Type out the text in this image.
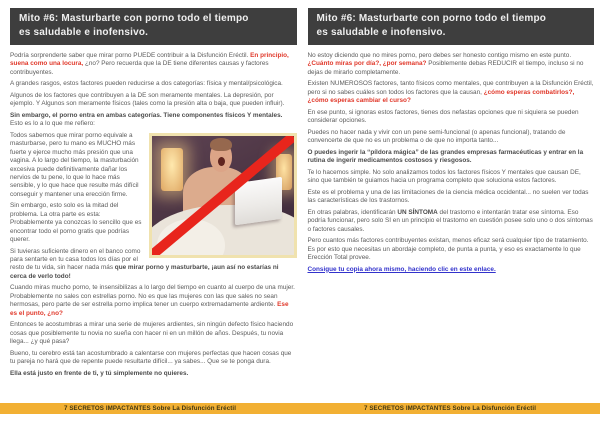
Mito #6: Masturbarte con porno todo el tiempo
es saludable e inofensivo.

Podría sorprenderte saber que mirar porno PUEDE contribuir a la Disfunción Eréctil. En principio, suena como una locura, ¿no? Pero recuerda que la DE tiene diferentes causas y factores contribuyentes.

A grandes rasgos, estos factores pueden reducirse a dos categorías: física y mental/psicológica.

Algunos de los factores que contribuyen a la DE son meramente mentales. La depresión, por ejemplo. Y Algunos son meramente físicos (tales como la presión alta o baja, que pueden influir).

Sin embargo, el porno entra en ambas categorías. Tiene componentes físicos Y mentales. Esto es lo a lo que me refiero:

Todos sabemos que mirar porno equivale a masturbarse, pero tu mano es MUCHO más fuerte y ejerce mucho más presión que una vagina. A lo largo del tiempo, la masturbación excesiva puede definitivamente dañar los nervios de tu pene, lo que lo hace más sensible, y lo que hace que resulte más difícil conseguir y mantener una erección firme.

Sin embargo, esto solo es la mitad del problema. La otra parte es esta: Probablemente ya conozcas lo sencillo que es encontrar todo el porno gratis que podrías querer.

Si tuvieras suficiente dinero en el banco como para sentarte en tu casa todos los días por el resto de tu vida, sin hacer nada más que mirar porno y masturbarte, ¡aun así no estarías ni cerca de verlo todo!

Cuando miras mucho porno, te insensibilizas a lo largo del tiempo en cuanto al cuerpo de una mujer. Probablemente no sales con estrellas porno. No es que las mujeres con las que sales no sean hermosas, pero parte de ser estrella porno implica tener un cuerpo extremadamente ardiente. Ese es el punto, ¿no?

Entonces te acostumbras a mirar una serie de mujeres ardientes, sin ningún defecto físico haciendo cosas que posiblemente tu novia no sueña con hacer ni en un millón de años. Después, tu novia llega... ¿y qué pasa?

Bueno, tu cerebro está tan acostumbrado a calentarse con mujeres perfectas que hacen cosas que tu pareja no hará que de repente puede resultarte difícil... ya sabes... Que se te ponga dura.

Ella está justo en frente de ti, y tú simplemente no quieres.

Mito #6: Masturbarte con porno todo el tiempo
es saludable e inofensivo.

No estoy diciendo que no mires porno, pero debes ser honesto contigo mismo en este punto. ¿Cuánto miras por día?, ¿por semana? Posiblemente debas REDUCIR el tiempo, incluso si no dejas de mirarlo completamente.

Existen NUMEROSOS factores, tanto físicos como mentales, que contribuyen a la Disfunción Eréctil, pero si no sabes cuáles son todos los factores que la causan, ¿cómo esperas combatirlos?, ¿cómo esperas cambiar el curso?

En ese punto, si ignoras estos factores, tienes dos nefastas opciones que ni siquiera se pueden considerar opciones.

Puedes no hacer nada y vivir con un pene semi-funcional (o apenas funcional), tratando de convencerte de que no es un problema o de que no importa tanto...

O puedes ingerir la “píldora mágica” de las grandes empresas farmacéuticas y entrar en la rutina de ingerir medicamentos costosos y riesgosos.

Te lo hacemos simple. No solo analizamos todos los factores físicos Y mentales que causan DE, sino que también te guiamos hacia un programa completo que soluciona estos factores.

Este es el problema y una de las limitaciones de la ciencia médica occidental... no suelen ver todas las características de los trastornos.

En otras palabras, identificarán UN SÍNTOMA del trastorno e intentarán tratar ese síntoma. Eso podría funcionar, pero solo SI en un principio el trastorno en cuestión posee solo uno o dos síntomas o factores causales.

Pero cuantos más factores contribuyentes existan, menos eficaz será cualquier tipo de tratamiento. Es por esto que necesitas un abordaje completo, de punta a punta, y eso es exactamente lo que Erección Total provee.

Consigue tu copia ahora mismo, haciendo clic en este enlace.

7 SECRETOS IMPACTANTES Sobre La Disfunción Eréctil	7 SECRETOS IMPACTANTES Sobre La Disfunción Eréctil
